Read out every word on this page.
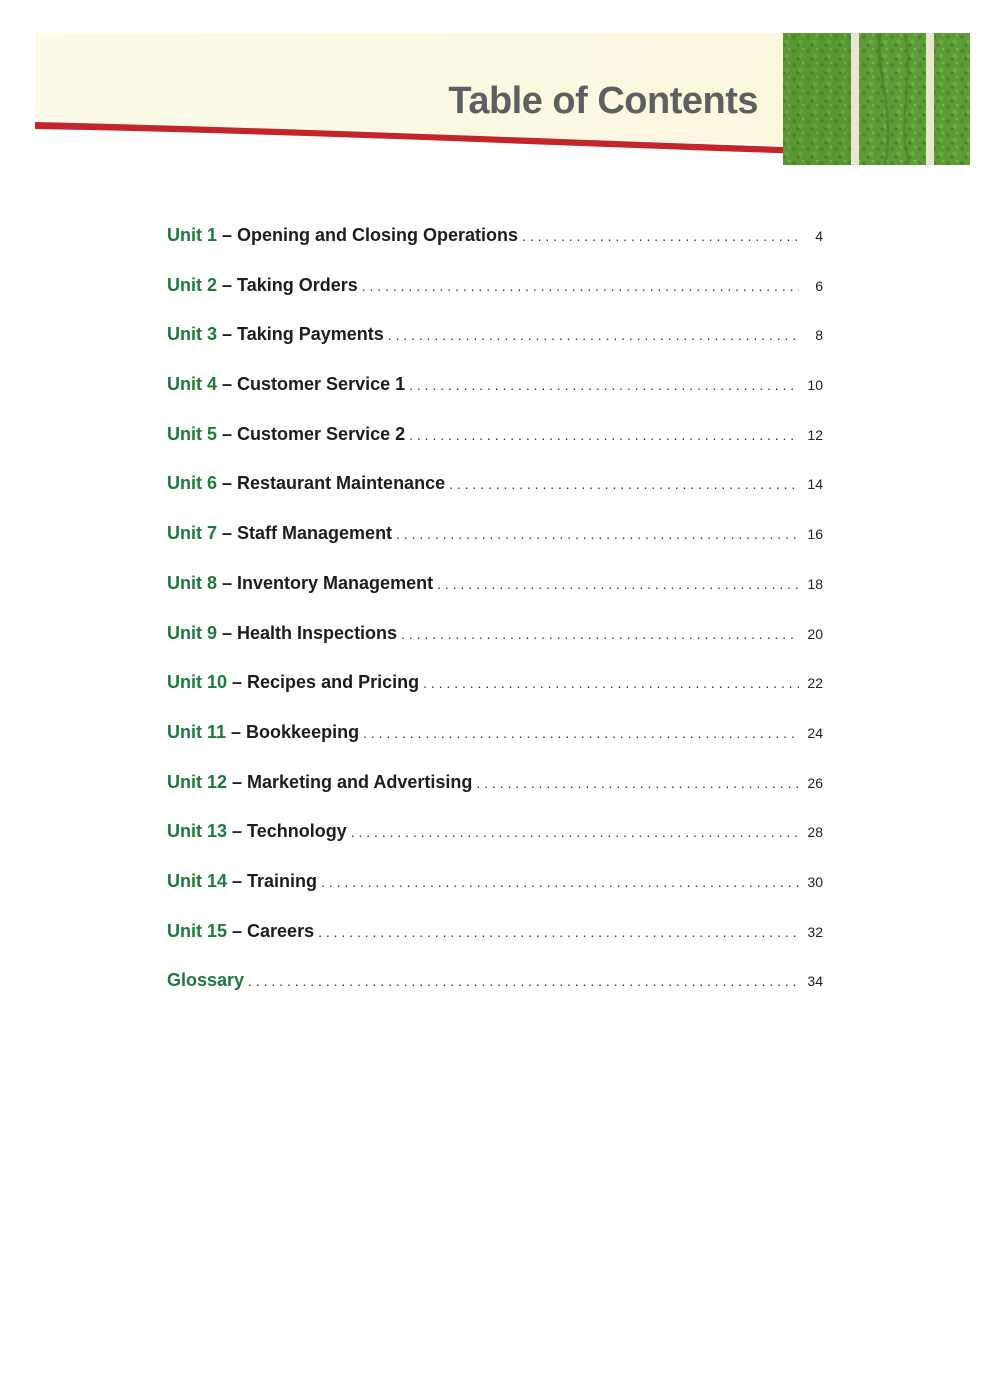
Table of Contents
Unit 1 – Opening and Closing Operations . . .	4
Unit 2 – Taking Orders . . .	6
Unit 3 – Taking Payments . . .	8
Unit 4 – Customer Service 1 . . .	10
Unit 5 – Customer Service 2 . . .	12
Unit 6 – Restaurant Maintenance . . .	14
Unit 7 – Staff Management . . .	16
Unit 8 – Inventory Management . . .	18
Unit 9 – Health Inspections . . .	20
Unit 10 – Recipes and Pricing . . .	22
Unit 11 – Bookkeeping . . .	24
Unit 12 – Marketing and Advertising . . .	26
Unit 13 – Technology . . .	28
Unit 14 – Training . . .	30
Unit 15 – Careers . . .	32
Glossary . . .	34
